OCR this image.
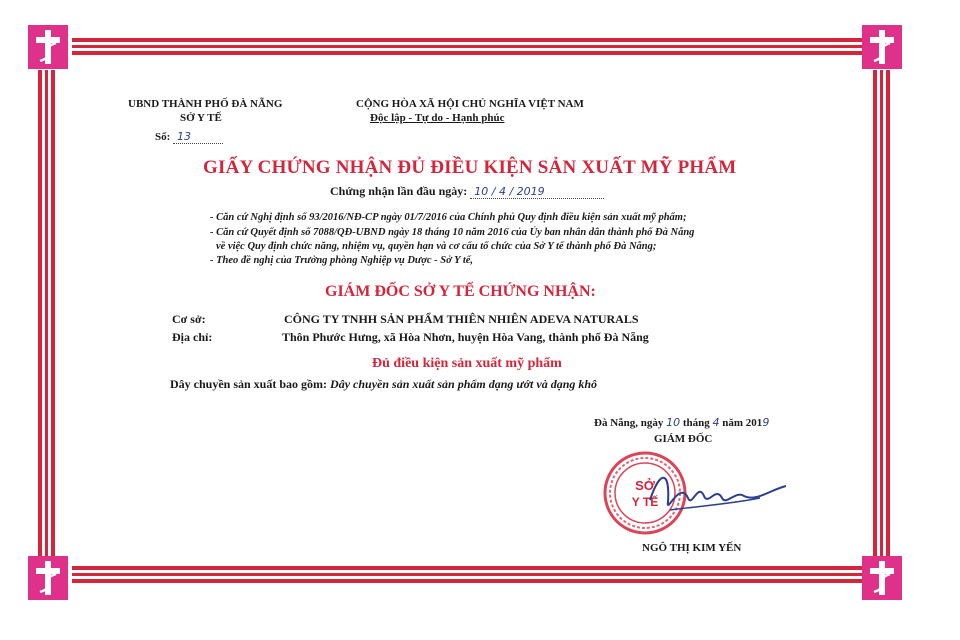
UBND THÀNH PHỐ ĐÀ NẴNG
SỞ Y TẾ
Số: 13
CỘNG HÒA XÃ HỘI CHỦ NGHĨA VIỆT NAM
Độc lập - Tự do - Hạnh phúc
GIẤY CHỨNG NHẬN ĐỦ ĐIỀU KIỆN SẢN XUẤT MỸ PHẨM
Chứng nhận lần đầu ngày: 10 / 4 / 2019
- Căn cứ Nghị định số 93/2016/NĐ-CP ngày 01/7/2016 của Chính phủ Quy định điều kiện sản xuất mỹ phẩm;
- Căn cứ Quyết định số 7088/QĐ-UBND ngày 18 tháng 10 năm 2016 của Ủy ban nhân dân thành phố Đà Nẵng
về việc Quy định chức năng, nhiệm vụ, quyền hạn và cơ cấu tổ chức của Sở Y tế thành phố Đà Nẵng;
- Theo đề nghị của Trưởng phòng Nghiệp vụ Dược - Sở Y tế,
GIÁM ĐỐC SỞ Y TẾ CHỨNG NHẬN:
Cơ sở:	CÔNG TY TNHH SẢN PHẨM THIÊN NHIÊN ADEVA NATURALS
Địa chỉ:	Thôn Phước Hưng, xã Hòa Nhơn, huyện Hòa Vang, thành phố Đà Nẵng
Đủ điều kiện sản xuất mỹ phẩm
Dây chuyền sản xuất bao gồm: Dây chuyền sản xuất sản phẩm dạng ướt và dạng khô
Đà Nẵng, ngày 10 tháng 4 năm 2019
GIÁM ĐỐC
SỞ
Y TẾ
NGÔ THỊ KIM YẾN
